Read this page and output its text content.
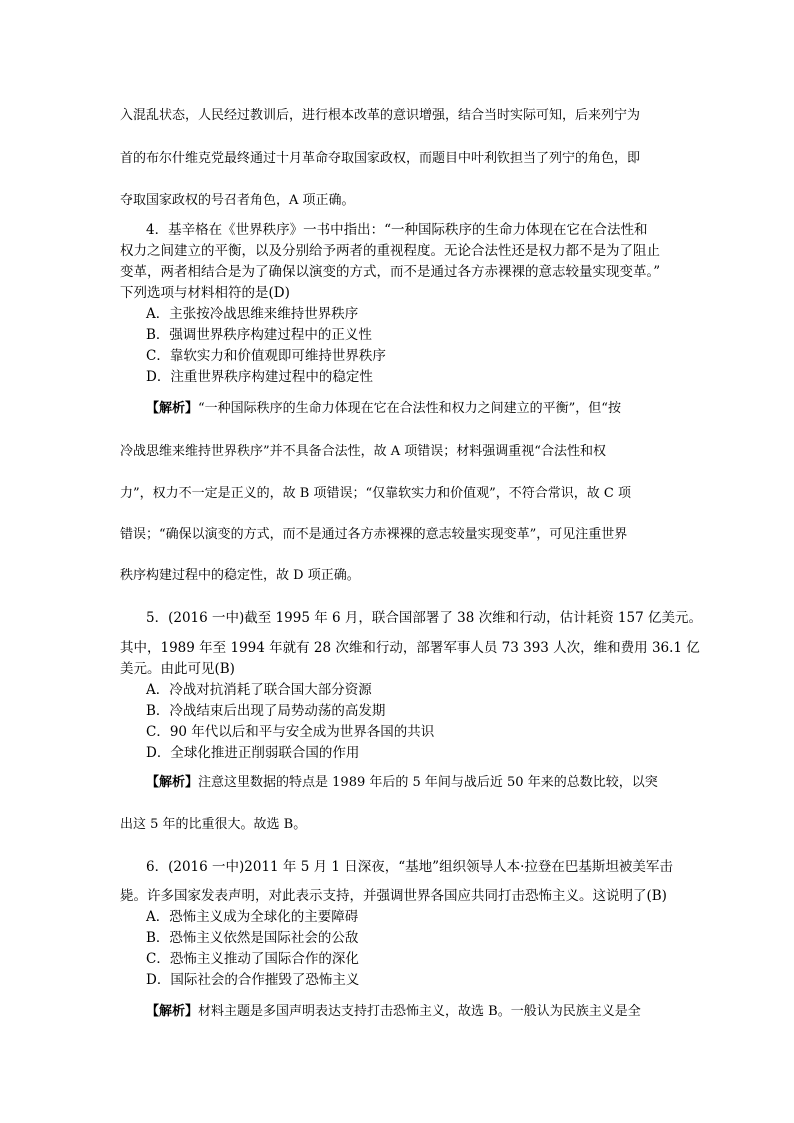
入混乱状态，人民经过教训后，进行根本改革的意识增强，结合当时实际可知，后来列宁为
首的布尔什维克党最终通过十月革命夺取国家政权，而题目中叶利钦担当了列宁的角色，即
夺取国家政权的号召者角色，A 项正确。
4．基辛格在《世界秩序》一书中指出：“一种国际秩序的生命力体现在它在合法性和
权力之间建立的平衡，以及分别给予两者的重视程度。无论合法性还是权力都不是为了阻止
变革，两者相结合是为了确保以演变的方式，而不是通过各方赤裸裸的意志较量实现变革。”
下列选项与材料相符的是(D)
A．主张按冷战思维来维持世界秩序
B．强调世界秩序构建过程中的正义性
C．靠软实力和价值观即可维持世界秩序
D．注重世界秩序构建过程中的稳定性
【解析】“一种国际秩序的生命力体现在它在合法性和权力之间建立的平衡”，但“按
冷战思维来维持世界秩序”并不具备合法性，故 A 项错误；材料强调重视“合法性和权
力”，权力不一定是正义的，故 B 项错误；“仅靠软实力和价值观”，不符合常识，故 C 项
错误；“确保以演变的方式，而不是通过各方赤裸裸的意志较量实现变革”，可见注重世界
秩序构建过程中的稳定性，故 D 项正确。
5．(2016 一中)截至 1995 年 6 月，联合国部署了 38 次维和行动，估计耗资 157 亿美元。
其中，1989 年至 1994 年就有 28 次维和行动，部署军事人员 73 393 人次，维和费用 36.1 亿
美元。由此可见(B)
A．冷战对抗消耗了联合国大部分资源
B．冷战结束后出现了局势动荡的高发期
C．90 年代以后和平与安全成为世界各国的共识
D．全球化推进正削弱联合国的作用
【解析】注意这里数据的特点是 1989 年后的 5 年间与战后近 50 年来的总数比较，以突
出这 5 年的比重很大。故选 B。
6．(2016 一中)2011 年 5 月 1 日深夜，“基地”组织领导人本·拉登在巴基斯坦被美军击
毙。许多国家发表声明，对此表示支持，并强调世界各国应共同打击恐怖主义。这说明了(B)
A．恐怖主义成为全球化的主要障碍
B．恐怖主义依然是国际社会的公敌
C．恐怖主义推动了国际合作的深化
D．国际社会的合作摧毁了恐怖主义
【解析】材料主题是多国声明表达支持打击恐怖主义，故选 B。一般认为民族主义是全
